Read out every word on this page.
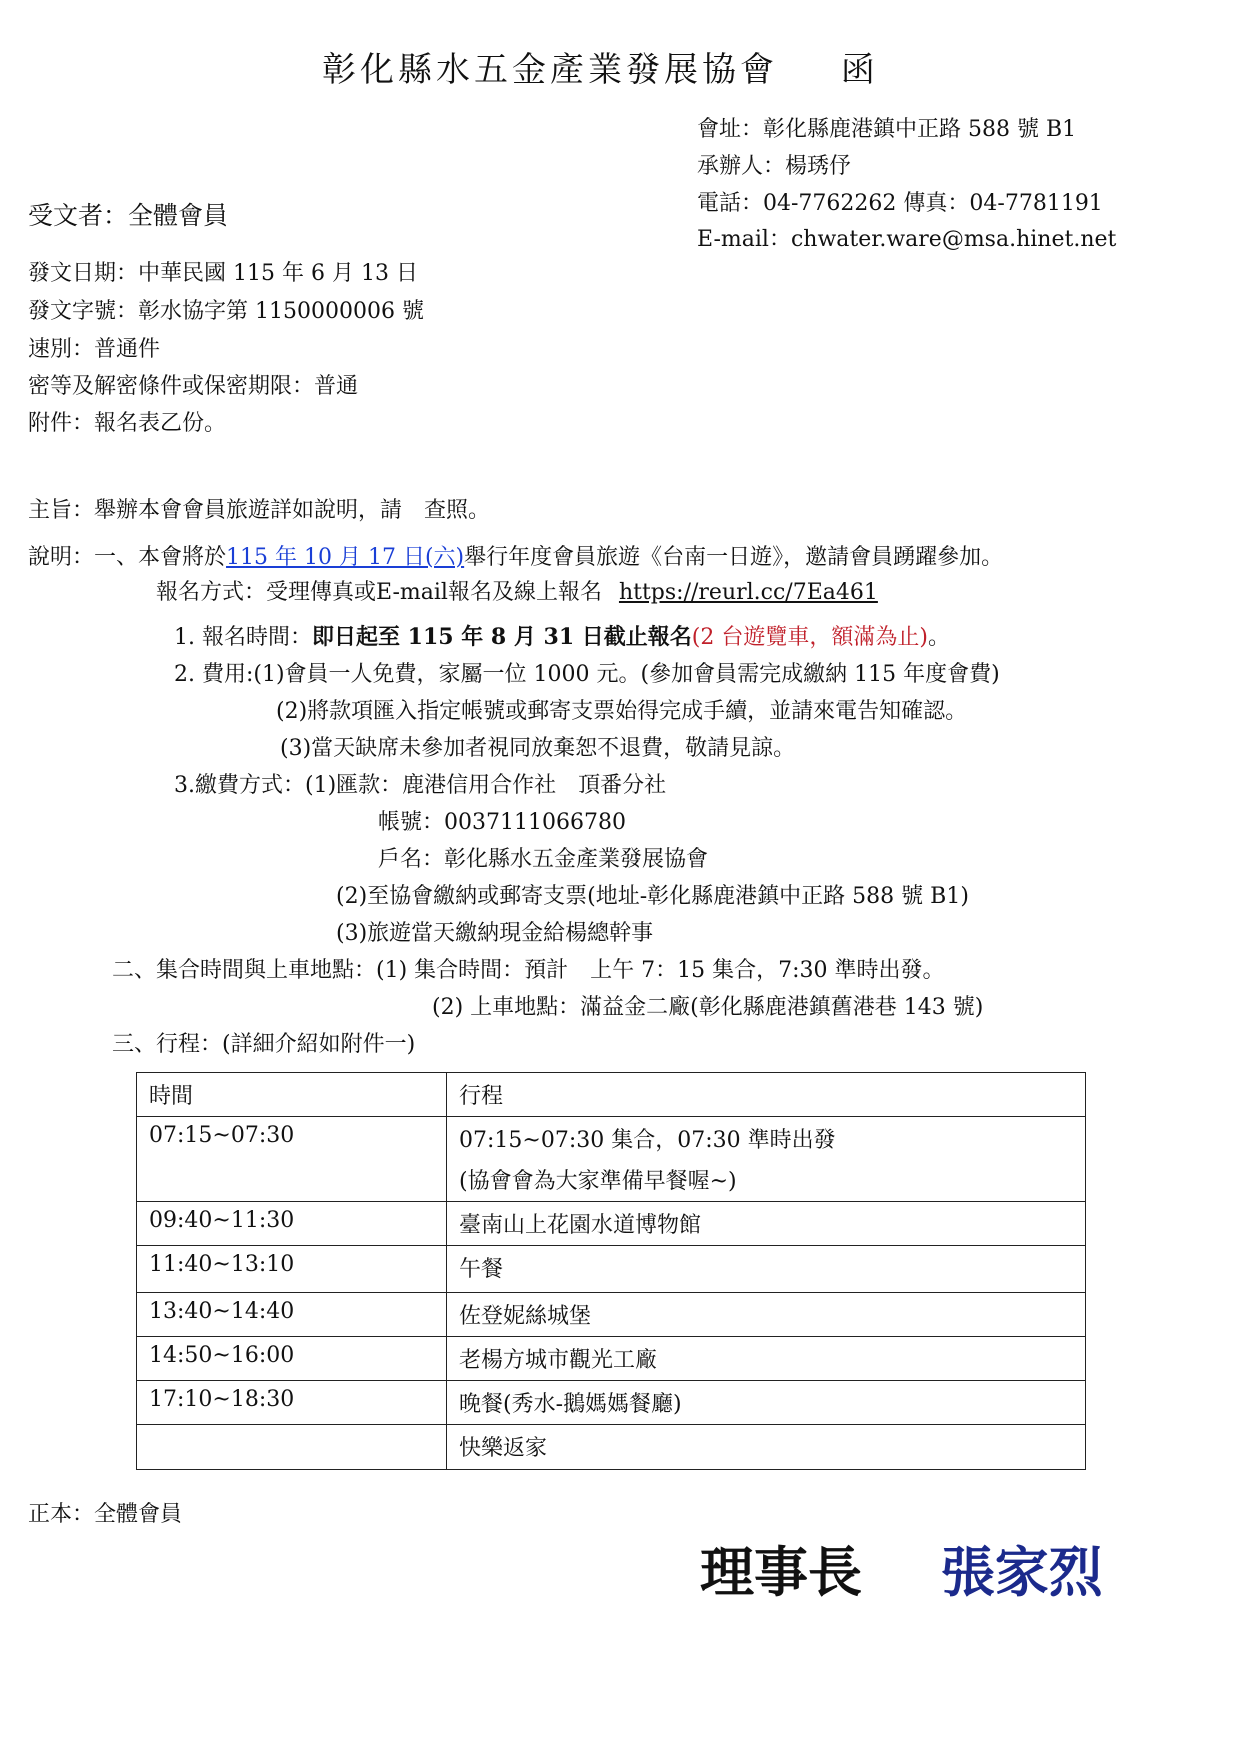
彰化縣水五金產業發展協會 函
會址：彰化縣鹿港鎮中正路 588 號 B1
承辦人：楊琇伃
電話：04-7762262 傳真：04-7781191
E-mail：chwater.ware@msa.hinet.net
受文者：全體會員
發文日期：中華民國 115 年 6 月 13 日
發文字號：彰水協字第 1150000006 號
速別：普通件
密等及解密條件或保密期限：普通
附件：報名表乙份。
主旨：舉辦本會會員旅遊詳如說明，請　查照。
說明：一、本會將於115 年 10 月 17 日(六)舉行年度會員旅遊《台南一日遊》，邀請會員踴躍參加。
報名方式：受理傳真或E-mail報名及線上報名 https://reurl.cc/7Ea461
1. 報名時間：即日起至 115 年 8 月 31 日截止報名(2 台遊覽車，額滿為止)。
2. 費用:(1)會員一人免費，家屬一位 1000 元。(參加會員需完成繳納 115 年度會費)
(2)將款項匯入指定帳號或郵寄支票始得完成手續，並請來電告知確認。
(3)當天缺席未參加者視同放棄恕不退費，敬請見諒。
3.繳費方式：(1)匯款：鹿港信用合作社　頂番分社
帳號：0037111066780
戶名：彰化縣水五金產業發展協會
(2)至協會繳納或郵寄支票(地址-彰化縣鹿港鎮中正路 588 號 B1)
(3)旅遊當天繳納現金給楊總幹事
二、集合時間與上車地點：(1) 集合時間：預計　上午 7：15 集合，7:30 準時出發。
(2) 上車地點：滿益金二廠(彰化縣鹿港鎮舊港巷 143 號)
三、行程：(詳細介紹如附件一)
時間	行程
07:15~07:30	07:15~07:30 集合，07:30 準時出發
(協會會為大家準備早餐喔~)

09:40~11:30	臺南山上花園水道博物館
11:40~13:10	午餐
13:40~14:40	佐登妮絲城堡
14:50~16:00	老楊方城市觀光工廠
17:10~18:30	晚餐(秀水-鵝媽媽餐廳)
	快樂返家
正本：全體會員
理事長 張家烈
